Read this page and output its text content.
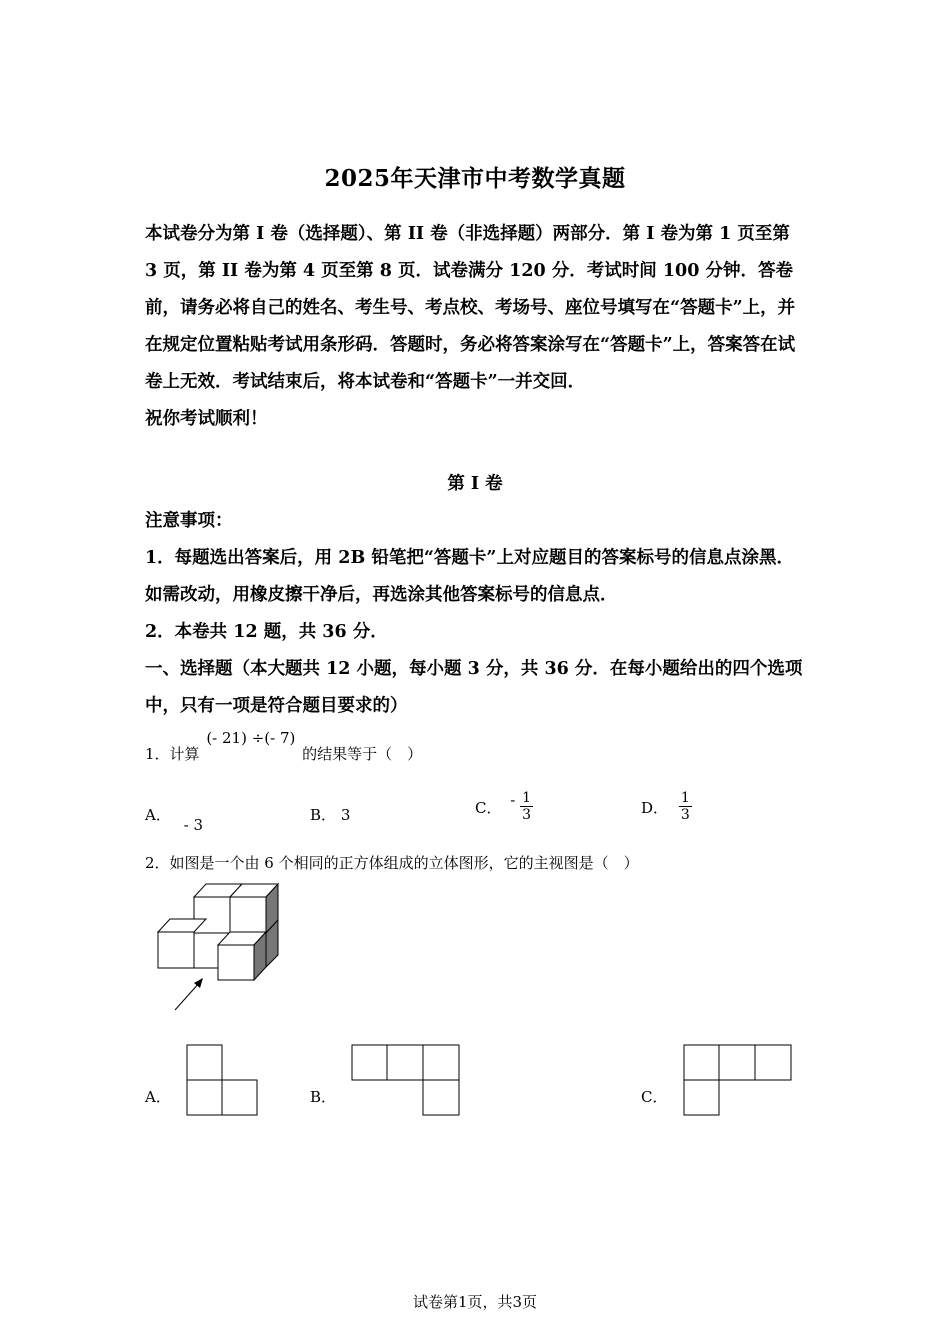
2025年天津市中考数学真题

本试卷分为第 I 卷（选择题）、第 II 卷（非选择题）两部分．第 I 卷为第 1 页至第 3 页，第 II 卷为第 4 页至第 8 页．试卷满分 120 分．考试时间 100 分钟．答卷前，请务必将自己的姓名、考生号、考点校、考场号、座位号填写在“答题卡”上，并在规定位置粘贴考试用条形码．答题时，务必将答案涂写在“答题卡”上，答案答在试卷上无效．考试结束后，将本试卷和“答题卡”一并交回．

祝你考试顺利！

第 I 卷
注意事项：
1．每题选出答案后，用 2B 铅笔把“答题卡”上对应题目的答案标号的信息点涂黑．如需改动，用橡皮擦干净后，再选涂其他答案标号的信息点．
2．本卷共 12 题，共 36 分．
一、选择题（本大题共 12 小题，每小题 3 分，共 36 分．在每小题给出的四个选项中，只有一项是符合题目要求的）
1．计算 (- 21) ÷(- 7) 的结果等于（　）
A． - 3
B． 3	C． - $\frac{1}{3}$	D． $\frac{1}{3}$
2．如图是一个由 6 个相同的正方体组成的立体图形，它的主视图是（　）
A．	B．	C．
试卷第1页，共3页
